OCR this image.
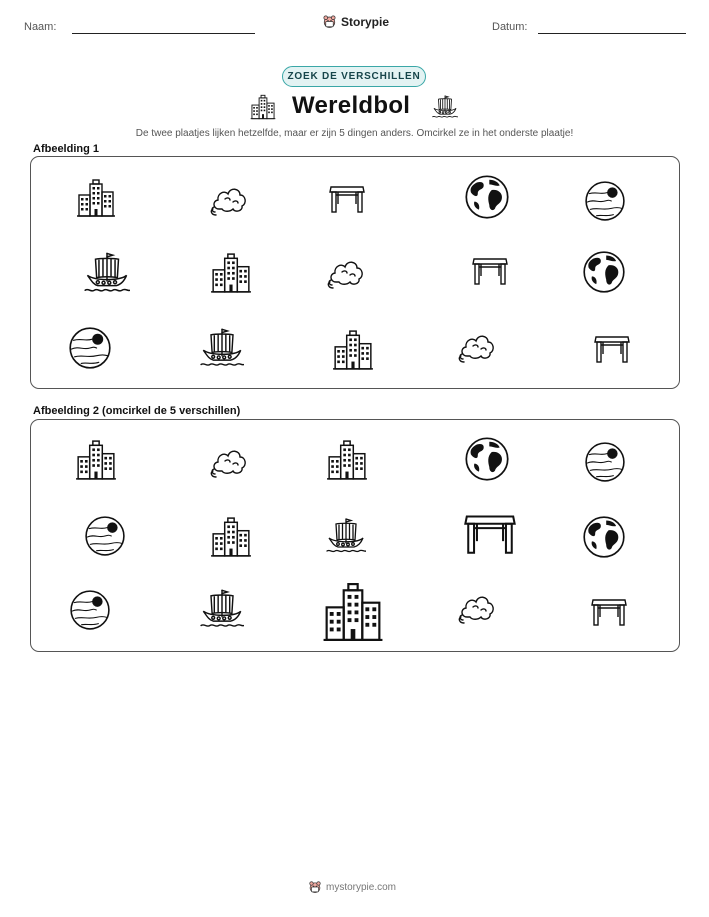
Naam:	Storypie	Datum:
ZOEK DE VERSCHILLEN
Wereldbol
De twee plaatjes lijken hetzelfde, maar er zijn 5 dingen anders. Omcirkel ze in het onderste plaatje!
Afbeelding 1
Afbeelding 2 (omcirkel de 5 verschillen)
mystorypie.com
